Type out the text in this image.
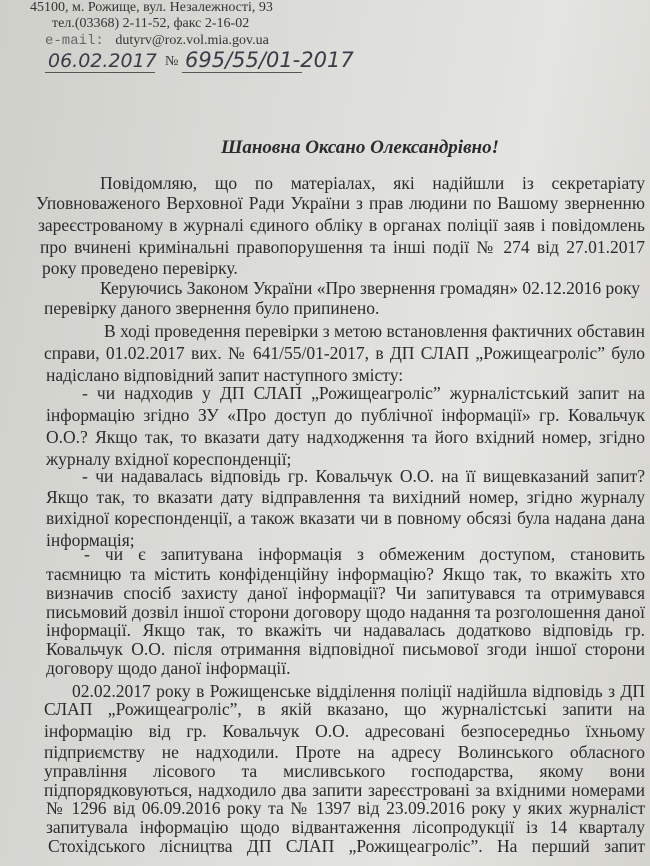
45100, м. Рожище, вул. Незалежності, 93
тел.(03368) 2-11-52, факс 2-16-02
e-mail: dutyrv@roz.vol.mia.gov.ua
06.02.2017 № 695/55/01-2017
Шановна Оксано Олександрівно!
Повідомляю, що по матеріалах, які надійшли із секретаріату
Уповноваженого Верховної Ради України з прав людини по Вашому зверненню
зареєстрованому в журналі єдиного обліку в органах поліції заяв і повідомлень
про вчинені кримінальні правопорушення та інші події № 274 від 27.01.2017
року проведено перевірку.
Керуючись Законом України «Про звернення громадян» 02.12.2016 року
перевірку даного звернення було припинено.
В ході проведення перевірки з метою встановлення фактичних обставин
справи, 01.02.2017 вих. № 641/55/01-2017, в ДП СЛАП „Рожищеагроліс” було
надіслано відповідний запит наступного змісту:
- чи надходив у ДП СЛАП „Рожищеагроліс” журналістський запит на
інформацію згідно ЗУ «Про доступ до публічної інформації» гр. Ковальчук
О.О.? Якщо так, то вказати дату надходження та його вхідний номер, згідно
журналу вхідної кореспонденції;
- чи надавалась відповідь гр. Ковальчук О.О. на її вищевказаний запит?
Якщо так, то вказати дату відправлення та вихідний номер, згідно журналу
вихідної кореспонденції, а також вказати чи в повному обсязі була надана дана
інформація;
- чи є запитувана інформація з обмеженим доступом, становить
таємницю та містить конфіденційну інформацію? Якщо так, то вкажіть хто
визначив спосіб захисту даної інформації? Чи запитувався та отримувався
письмовий дозвіл іншої сторони договору щодо надання та розголошення даної
інформації. Якщо так, то вкажіть чи надавалась додатково відповідь гр.
Ковальчук О.О. після отримання відповідної письмової згоди іншої сторони
договору щодо даної інформації.
02.02.2017 року в Рожищенське відділення поліції надійшла відповідь з ДП
СЛАП „Рожищеагроліс”, в якій вказано, що журналістські запити на
інформацію від гр. Ковальчук О.О. адресовані безпосередньо їхньому
підприємству не надходили. Проте на адресу Волинського обласного
управління лісового та мисливського господарства, якому вони
підпорядковуються, надходило два запити зареєстровані за вхідними номерами
№ 1296 від 06.09.2016 року та № 1397 від 23.09.2016 року у яких журналіст
запитувала інформацію щодо відвантаження лісопродукції із 14 кварталу
Стохідського лісництва ДП СЛАП „Рожищеагроліс”. На перший запит
